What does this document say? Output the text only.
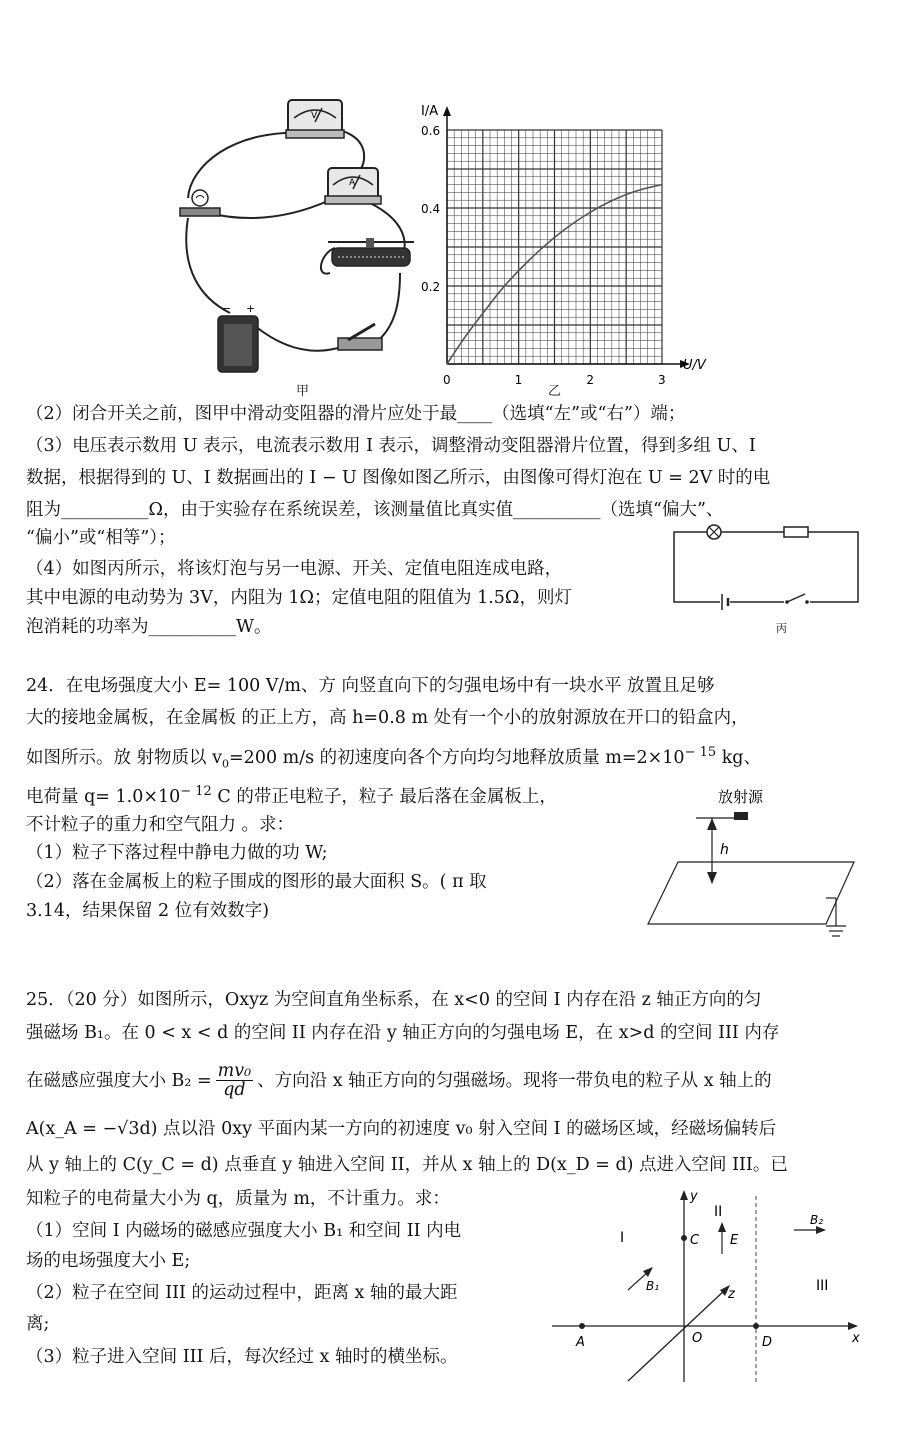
V
A
− +
甲
0.6
0.4
0.2
0	1	2	3
I/A
U/V
乙
（2）闭合开关之前，图甲中滑动变阻器的滑片应处于最____（选填“左”或“右”）端；
（3）电压表示数用 U 表示，电流表示数用 I 表示，调整滑动变阻器滑片位置，得到多组 U、I
数据，根据得到的 U、I 数据画出的 I − U 图像如图乙所示，由图像可得灯泡在 U = 2V 时的电
阻为__________Ω，由于实验存在系统误差，该测量值比真实值__________（选填“偏大”、
“偏小”或“相等”）；
（4）如图丙所示，将该灯泡与另一电源、开关、定值电阻连成电路，
其中电源的电动势为 3V，内阻为 1Ω；定值电阻的阻值为 1.5Ω，则灯
泡消耗的功率为__________W。	丙
24．在电场强度大小 E= 100 V/m、方 向竖直向下的匀强电场中有一块水平 放置且足够
大的接地金属板，在金属板 的正上方，高 h=0.8 m 处有一个小的放射源放在开口的铅盒内，
如图所示。放 射物质以 $v_0=200$ m/s 的初速度向各个方向均匀地释放质量 $m=2\times 10^{- 15}$ kg、
电荷量 $q= 1.0\times 10^{- 12}$ C 的带正电粒子，粒子 最后落在金属板上，
不计粒子的重力和空气阻力 。求：
（1）粒子下落过程中静电力做的功 W;
（2）落在金属板上的粒子围成的图形的最大面积 S。( π 取
3.14，结果保留 2 位有效数字)
放射源
h
25．（20 分）如图所示，Oxyz 为空间直角坐标系，在 x<0 的空间 I 内存在沿 z 轴正方向的匀
强磁场 B₁。在 0 < x < d 的空间 II 内存在沿 y 轴正方向的匀强电场 E，在 x>d 的空间 III 内存
在磁感应强度大小 $B_2 = \frac{\text{mv₀}}{qd}$ 、方向沿 x 轴正方向的匀强磁场。现将一带负电的粒子从 x 轴上的
A(x_A = −√3d) 点以沿 0xy 平面内某一方向的初速度 v₀ 射入空间 I 的磁场区域，经磁场偏转后
从 y 轴上的 C(y_C = d) 点垂直 y 轴进入空间 II，并从 x 轴上的 D(x_D = d) 点进入空间 III。已
知粒子的电荷量大小为 q，质量为 m，不计重力。求：
（1）空间 I 内磁场的磁感应强度大小 B₁ 和空间 II 内电
场的电场强度大小 E;
（2）粒子在空间 III 的运动过程中，距离 x 轴的最大距
离;
（3）粒子进入空间 III 后，每次经过 x 轴时的横坐标。
y
x
z
O
A
C
D
E
B₁
B₂
I
II
III
